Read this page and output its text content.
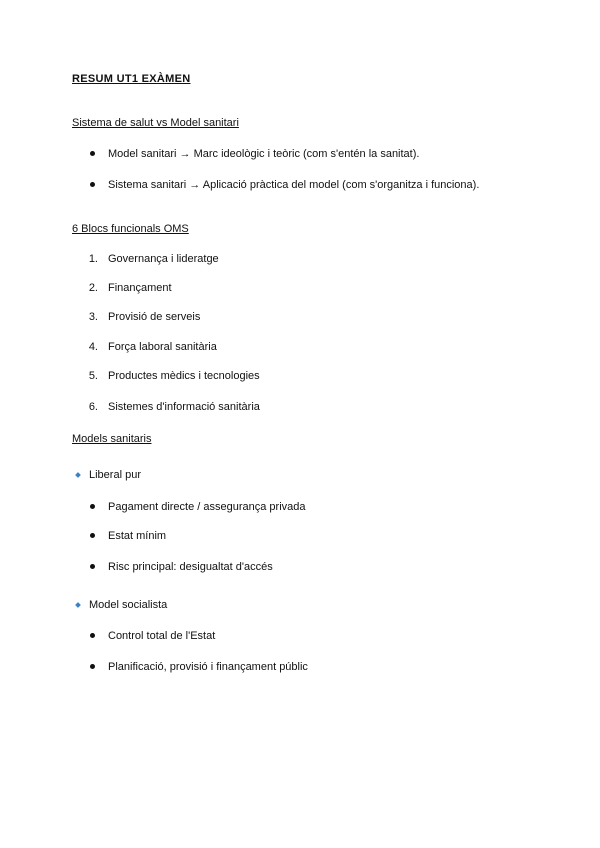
RESUM UT1 EXÀMEN
Sistema de salut vs Model sanitari
Model sanitari → Marc ideològic i teòric (com s'entén la sanitat).
Sistema sanitari → Aplicació pràctica del model (com s'organitza i funciona).
6 Blocs funcionals OMS
1. Governança i lideratge
2. Finançament
3. Provisió de serveis
4. Força laboral sanitària
5. Productes mèdics i tecnologies
6. Sistemes d'informació sanitària
Models sanitaris
Liberal pur
Pagament directe / assegurança privada
Estat mínim
Risc principal: desigualtat d'accés
Model socialista
Control total de l'Estat
Planificació, provisió i finançament públic
